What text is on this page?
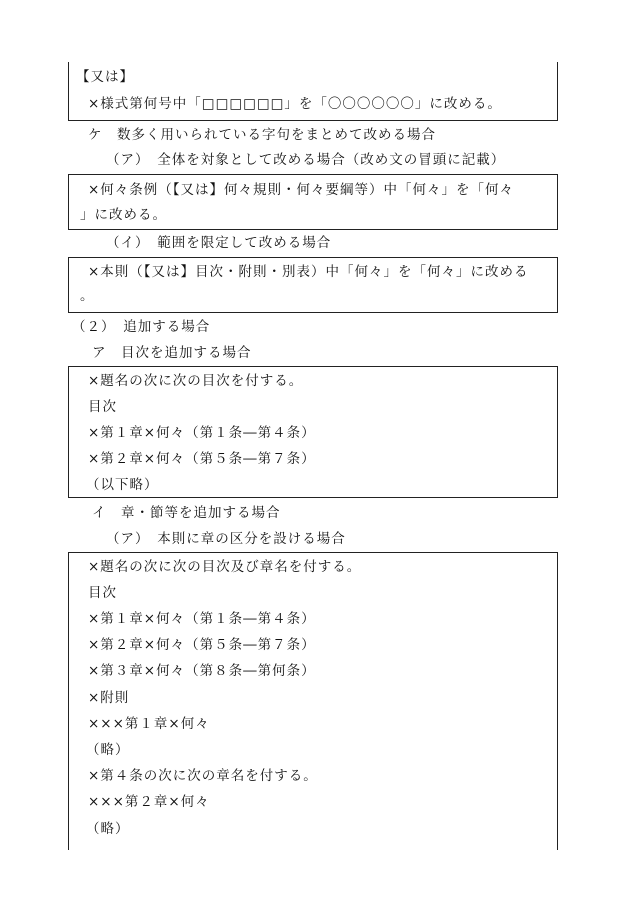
【又は】
×様式第何号中「□□□□□□」を「〇〇〇〇〇〇」に改める。
ケ　数多く用いられている字句をまとめて改める場合
（ア）　全体を対象として改める場合（改め文の冒頭に記載）
×何々条例（【又は】何々規則・何々要綱等）中「何々」を「何々
」に改める。
（イ）　範囲を限定して改める場合
×本則（【又は】目次・附則・別表）中「何々」を「何々」に改める
。
（２）　追加する場合
ア　目次を追加する場合
×題名の次に次の目次を付する。
目次
×第１章×何々（第１条―第４条）
×第２章×何々（第５条―第７条）
（以下略）
イ　章・節等を追加する場合
（ア）　本則に章の区分を設ける場合
×題名の次に次の目次及び章名を付する。
目次
×第１章×何々（第１条―第４条）
×第２章×何々（第５条―第７条）
×第３章×何々（第８条―第何条）
×附則
×××第１章×何々
（略）
×第４条の次に次の章名を付する。
×××第２章×何々
（略）
